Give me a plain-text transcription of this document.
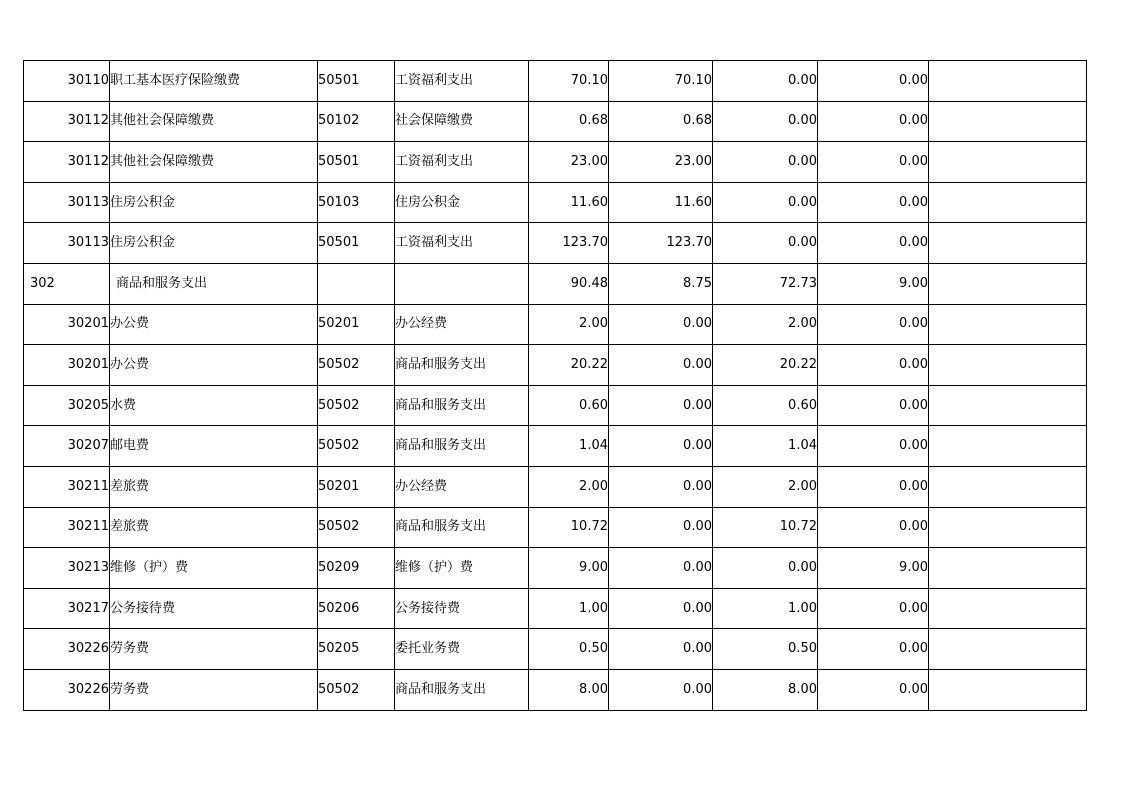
30110	职工基本医疗保险缴费	50501	工资福利支出	70.10	70.10	0.00	0.00	
30112	其他社会保障缴费	50102	社会保障缴费	0.68	0.68	0.00	0.00	
30112	其他社会保障缴费	50501	工资福利支出	23.00	23.00	0.00	0.00	
30113	住房公积金	50103	住房公积金	11.60	11.60	0.00	0.00	
30113	住房公积金	50501	工资福利支出	123.70	123.70	0.00	0.00	
302	商品和服务支出			90.48	8.75	72.73	9.00	
30201	办公费	50201	办公经费	2.00	0.00	2.00	0.00	
30201	办公费	50502	商品和服务支出	20.22	0.00	20.22	0.00	
30205	水费	50502	商品和服务支出	0.60	0.00	0.60	0.00	
30207	邮电费	50502	商品和服务支出	1.04	0.00	1.04	0.00	
30211	差旅费	50201	办公经费	2.00	0.00	2.00	0.00	
30211	差旅费	50502	商品和服务支出	10.72	0.00	10.72	0.00	
30213	维修（护）费	50209	维修（护）费	9.00	0.00	0.00	9.00	
30217	公务接待费	50206	公务接待费	1.00	0.00	1.00	0.00	
30226	劳务费	50205	委托业务费	0.50	0.00	0.50	0.00	
30226	劳务费	50502	商品和服务支出	8.00	0.00	8.00	0.00	
